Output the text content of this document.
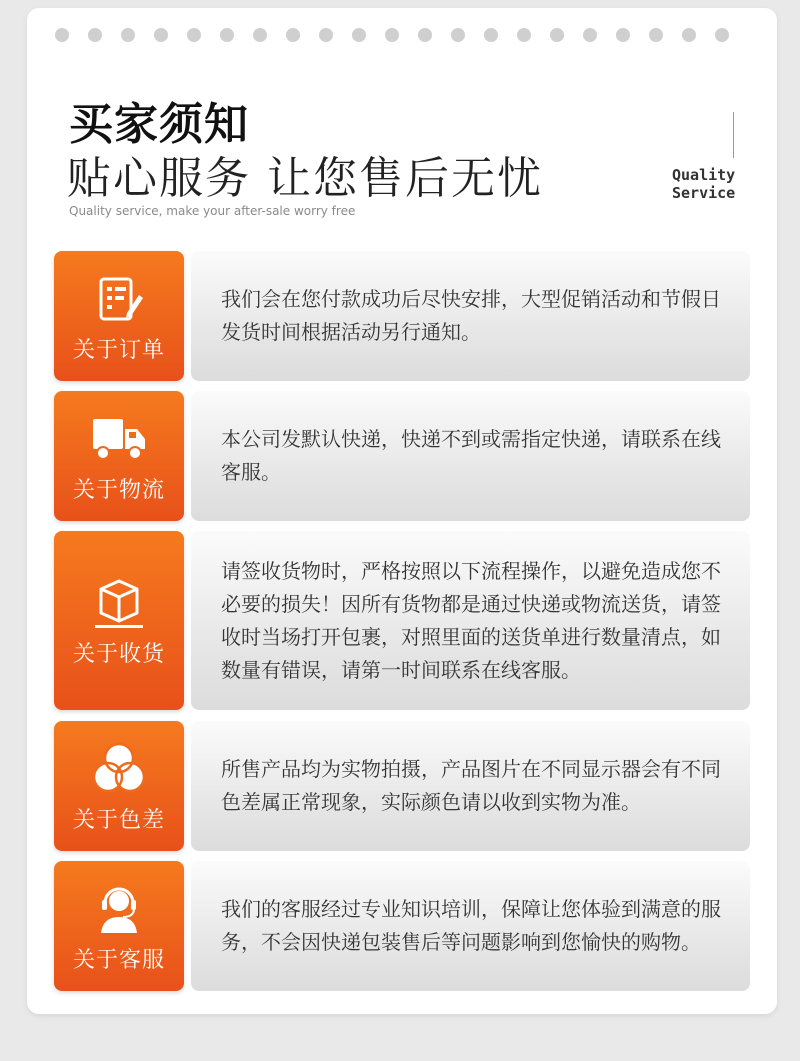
买家须知
贴心服务 让您售后无忧
Quality service, make your after-sale worry free
Quality
Service
关于订单
我们会在您付款成功后尽快安排，大型促销活动和节假日发货时间根据活动另行通知。
关于物流
本公司发默认快递，快递不到或需指定快递，请联系在线客服。
关于收货
请签收货物时，严格按照以下流程操作，以避免造成您不必要的损失！因所有货物都是通过快递或物流送货，请签收时当场打开包裹，对照里面的送货单进行数量清点，如数量有错误，请第一时间联系在线客服。
关于色差
所售产品均为实物拍摄，产品图片在不同显示器会有不同色差属正常现象，实际颜色请以收到实物为准。
关于客服
我们的客服经过专业知识培训，保障让您体验到满意的服务，不会因快递包装售后等问题影响到您愉快的购物。
